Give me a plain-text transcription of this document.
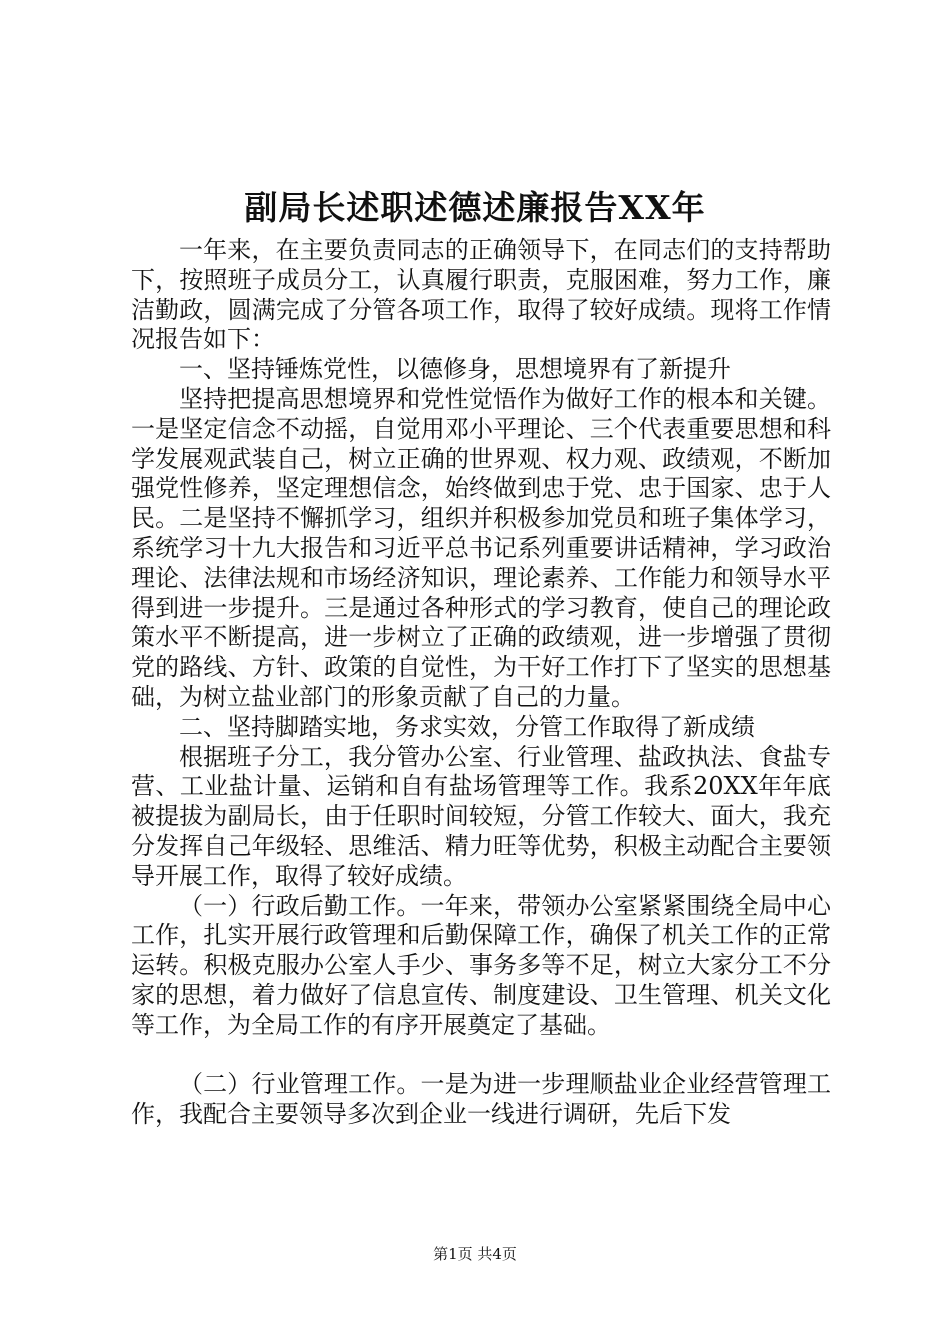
副局长述职述德述廉报告XX年

一年来，在主要负责同志的正确领导下，在同志们的支持帮助下，按照班子成员分工，认真履行职责，克服困难，努力工作，廉洁勤政，圆满完成了分管各项工作，取得了较好成绩。现将工作情况报告如下：

一、坚持锤炼党性，以德修身，思想境界有了新提升

坚持把提高思想境界和党性觉悟作为做好工作的根本和关键。一是坚定信念不动摇，自觉用邓小平理论、三个代表重要思想和科学发展观武装自己，树立正确的世界观、权力观、政绩观，不断加强党性修养，坚定理想信念，始终做到忠于党、忠于国家、忠于人民。二是坚持不懈抓学习，组织并积极参加党员和班子集体学习，系统学习十九大报告和习近平总书记系列重要讲话精神，学习政治理论、法律法规和市场经济知识，理论素养、工作能力和领导水平得到进一步提升。三是通过各种形式的学习教育，使自己的理论政策水平不断提高，进一步树立了正确的政绩观，进一步增强了贯彻党的路线、方针、政策的自觉性，为干好工作打下了坚实的思想基础，为树立盐业部门的形象贡献了自己的力量。

二、坚持脚踏实地，务求实效，分管工作取得了新成绩

根据班子分工，我分管办公室、行业管理、盐政执法、食盐专营、工业盐计量、运销和自有盐场管理等工作。我系20XX年年底被提拔为副局长，由于任职时间较短，分管工作较大、面大，我充分发挥自己年级轻、思维活、精力旺等优势，积极主动配合主要领导开展工作，取得了较好成绩。

（一）行政后勤工作。一年来，带领办公室紧紧围绕全局中心工作，扎实开展行政管理和后勤保障工作，确保了机关工作的正常运转。积极克服办公室人手少、事务多等不足，树立大家分工不分家的思想，着力做好了信息宣传、制度建设、卫生管理、机关文化等工作，为全局工作的有序开展奠定了基础。

（二）行业管理工作。一是为进一步理顺盐业企业经营管理工作，我配合主要领导多次到企业一线进行调研，先后下发

第1页 共4页
